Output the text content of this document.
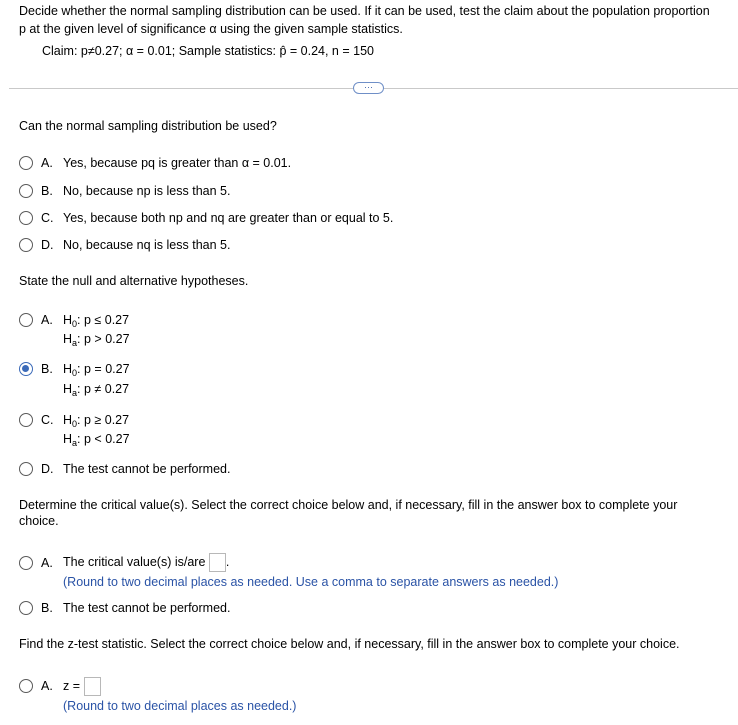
Decide whether the normal sampling distribution can be used. If it can be used, test the claim about the population proportion
p at the given level of significance α using the given sample statistics.
Claim: p≠0.27; α = 0.01; Sample statistics: p̂ = 0.24, n = 150
···
Can the normal sampling distribution be used?
A. Yes, because pq is greater than α = 0.01.
B. No, because np is less than 5.
C. Yes, because both np and nq are greater than or equal to 5.
D. No, because nq is less than 5.
State the null and alternative hypotheses.
A. $H_0$: p ≤ 0.27
$H_a$: p > 0.27
B. $H_0$: p = 0.27
$H_a$: p ≠ 0.27
C. $H_0$: p ≥ 0.27
$H_a$: p < 0.27
D. The test cannot be performed.
Determine the critical value(s). Select the correct choice below and, if necessary, fill in the answer box to complete your
choice.
A. The critical value(s) is/are .
(Round to two decimal places as needed. Use a comma to separate answers as needed.)
B. The test cannot be performed.
Find the z-test statistic. Select the correct choice below and, if necessary, fill in the answer box to complete your choice.
A. z =
(Round to two decimal places as needed.)
